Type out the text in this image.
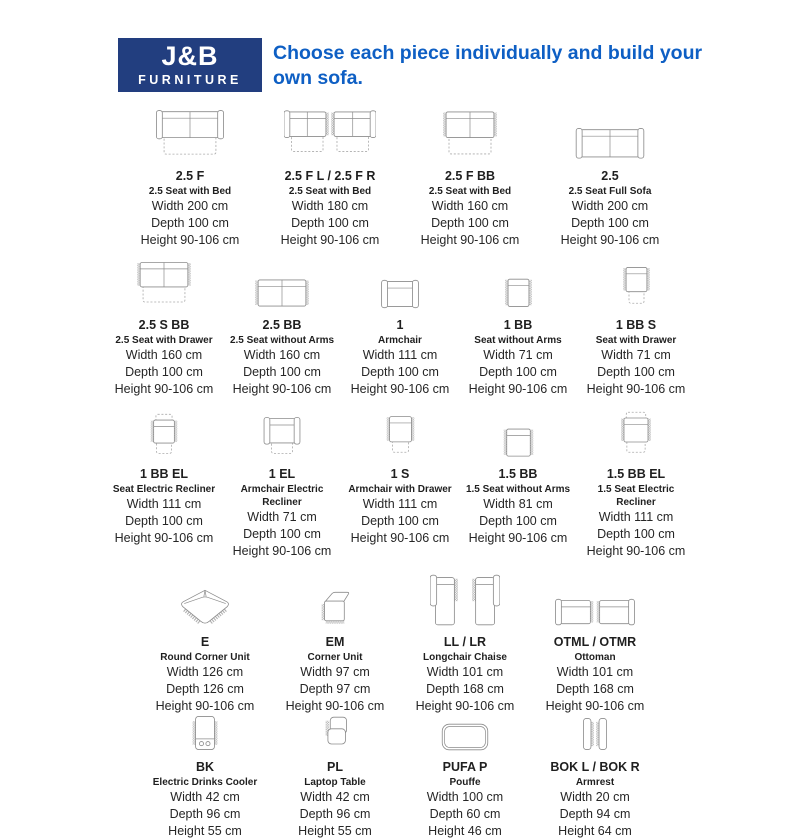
J&B
FURNITURE
Choose each piece individually and build your own sofa.
2.5 F
2.5 Seat with Bed
Width 200 cm
Depth 100 cm
Height 90-106 cm
2.5 F L / 2.5 F R
2.5 Seat with Bed
Width 180 cm
Depth 100 cm
Height 90-106 cm
2.5 F BB
2.5 Seat with Bed
Width 160 cm
Depth 100 cm
Height 90-106 cm
2.5
2.5 Seat Full Sofa
Width 200 cm
Depth 100 cm
Height 90-106 cm
2.5 S BB
2.5 Seat with Drawer
Width 160 cm
Depth 100 cm
Height 90-106 cm
2.5 BB
2.5 Seat without Arms
Width 160 cm
Depth 100 cm
Height 90-106 cm
1
Armchair
Width 111 cm
Depth 100 cm
Height 90-106 cm
1 BB
Seat without Arms
Width 71 cm
Depth 100 cm
Height 90-106 cm
1 BB S
Seat with Drawer
Width 71 cm
Depth 100 cm
Height 90-106 cm
1 BB EL
Seat Electric Recliner
Width 111 cm
Depth 100 cm
Height 90-106 cm
1 EL
Armchair Electric Recliner
Width 71 cm
Depth 100 cm
Height 90-106 cm
1 S
Armchair with Drawer
Width 111 cm
Depth 100 cm
Height 90-106 cm
1.5 BB
1.5 Seat without Arms
Width 81 cm
Depth 100 cm
Height 90-106 cm
1.5 BB EL
1.5 Seat Electric Recliner
Width 111 cm
Depth 100 cm
Height 90-106 cm
E
Round Corner Unit
Width 126 cm
Depth 126 cm
Height 90-106 cm
EM
Corner Unit
Width 97 cm
Depth 97 cm
Height 90-106 cm
LL / LR
Longchair Chaise
Width 101 cm
Depth 168 cm
Height 90-106 cm
OTML / OTMR
Ottoman
Width 101 cm
Depth 168 cm
Height 90-106 cm
BK
Electric Drinks Cooler
Width 42 cm
Depth 96 cm
Height 55 cm
PL
Laptop Table
Width 42 cm
Depth 96 cm
Height 55 cm
PUFA P
Pouffe
Width 100 cm
Depth 60 cm
Height 46 cm
BOK L / BOK R
Armrest
Width 20 cm
Depth 94 cm
Height 64 cm
